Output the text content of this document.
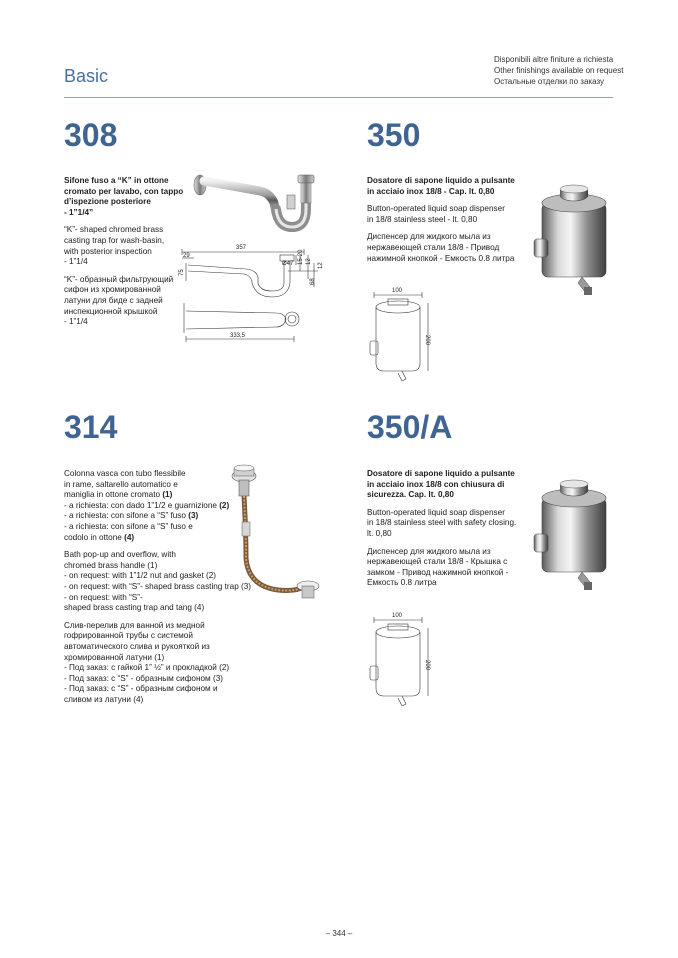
Basic
Disponibili altre finiture a richiesta
Other finishings available on request
Остальные отделки по заказу
308

Sifone fuso a “K” in ottone
cromato per lavabo, con tappo
d’ispezione posteriore
- 1”1/4”

“K”- shaped chromed brass
casting trap for wash-basin,
with posterior inspection
- 1”1/4

“K”- образный фильтрующий
сифон из хромированной
латуни для биде с задней
инспекционной крышкой
- 1”1/4

357
29
75
Ø47 12
15-20
12
68
333,5
350

Dosatore di sapone liquido a pulsante
in acciaio inox 18/8 - Cap. lt. 0,80

Button-operated liquid soap dispenser
in 18/8 stainless steel - lt. 0,80

Диспенсер для жидкого мыла из
нержавеющей стали 18/8 - Привод
нажимной кнопкой - Емкость 0.8 литра

100
200
314

Colonna vasca con tubo flessibile
in rame, saltarello automatico e
maniglia in ottone cromato (1)
- a richiesta: con dado 1”1/2 e guarnizione (2)
- a richiesta: con sifone a “S” fuso (3)
- a richiesta: con sifone a “S” fuso e
codolo in ottone (4)

Bath pop-up and overflow, with
chromed brass handle (1)
- on request: with 1”1/2 nut and gasket (2)
- on request: with “S”- shaped brass casting trap (3)
- on request: with “S”-
shaped brass casting trap and tang (4)

Слив-перелив для ванной из медной
гофрированной трубы с системой
автоматического слива и рукояткой из
хромированной латуни (1)
- Под заказ: с гайкой 1” ½” и прокладкой (2)
- Под заказ: с “S” - образным сифоном (3)
- Под заказ: с “S” - образным сифоном и
сливом из латуни (4)

350/A

Dosatore di sapone liquido a pulsante
in acciaio inox 18/8 con chiusura di
sicurezza. Cap. lt. 0,80

Button-operated liquid soap dispenser
in 18/8 stainless steel with safety closing.
lt. 0,80

Диспенсер для жидкого мыла из
нержавеющей стали 18/8 - Крышка с
замком - Привод нажимной кнопкой -
Емкость 0.8 литра

100
200
– 344 –
